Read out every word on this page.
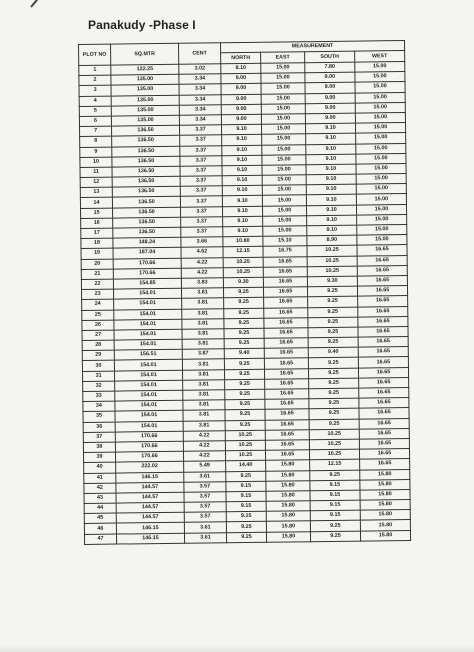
Panakudy -Phase I
PLOT NO	SQ.MTR	CENT	MEASUREMENT			
			NORTH	EAST	SOUTH	WEST
1	122.25	3.02	8.10	15.00	7.80	15.00
2	135.00	3.34	9.00	15.00	9.00	15.00
3	135.00	3.34	9.00	15.00	9.00	15.00
4	135.00	3.34	9.00	15.00	9.00	15.00
5	135.00	3.34	9.00	15.00	9.00	15.00
6	135.00	3.34	9.00	15.00	9.00	15.00
7	136.50	3.37	9.10	15.00	9.10	15.00
8	136.50	3.37	9.10	15.00	9.10	15.00
9	136.50	3.37	9.10	15.00	9.10	15.00
10	136.50	3.37	9.10	15.00	9.10	15.00
11	136.50	3.37	9.10	15.00	9.10	15.00
12	136.50	3.37	9.10	15.00	9.10	15.00
13	136.50	3.37	9.10	15.00	9.10	15.00
14	136.50	3.37	9.10	15.00	9.10	15.00
15	136.50	3.37	9.10	15.00	9.10	15.00
16	136.50	3.37	9.10	15.00	9.10	15.00
17	136.50	3.37	9.10	15.00	9.10	15.00
18	148.24	3.66	10.80	15.10	8.90	15.00
19	187.04	4.62	12.15	16.75	10.25	16.65
20	170.66	4.22	10.25	16.65	10.25	16.65
21	170.66	4.22	10.25	16.65	10.25	16.65
22	154.85	3.83	9.30	16.65	9.30	16.65
23	154.01	3.81	9.25	16.65	9.25	16.65
24	154.01	3.81	9.25	16.65	9.25	16.65
25	154.01	3.81	9.25	16.65	9.25	16.65
26	154.01	3.81	9.25	16.65	9.25	16.65
27	154.01	3.81	9.25	16.65	9.25	16.65
28	154.01	3.81	9.25	16.65	9.25	16.65
29	156.51	3.87	9.40	16.65	9.40	16.65
30	154.01	3.81	9.25	16.65	9.25	16.65
31	154.01	3.81	9.25	16.65	9.25	16.65
32	154.01	3.81	9.25	16.65	9.25	16.65
33	154.01	3.81	9.25	16.65	9.25	16.65
34	154.01	3.81	9.25	16.65	9.25	16.65
35	154.01	3.81	9.25	16.65	9.25	16.65
36	154.01	3.81	9.25	16.65	9.25	16.65
37	170.66	4.22	10.25	16.65	10.25	16.65
38	170.66	4.22	10.25	16.65	10.25	16.65
39	170.66	4.22	10.25	16.65	10.25	16.65
40	222.02	5.49	14.40	15.80	12.15	16.65
41	146.15	3.61	9.25	15.80	9.25	15.80
42	144.57	3.57	9.15	15.80	9.15	15.80
43	144.57	3.57	9.15	15.80	9.15	15.80
44	144.57	3.57	9.15	15.80	9.15	15.80
45	144.57	3.57	9.15	15.80	9.15	15.80
46	146.15	3.61	9.25	15.80	9.25	15.80
47	146.15	3.61	9.25	15.80	9.25	15.80
